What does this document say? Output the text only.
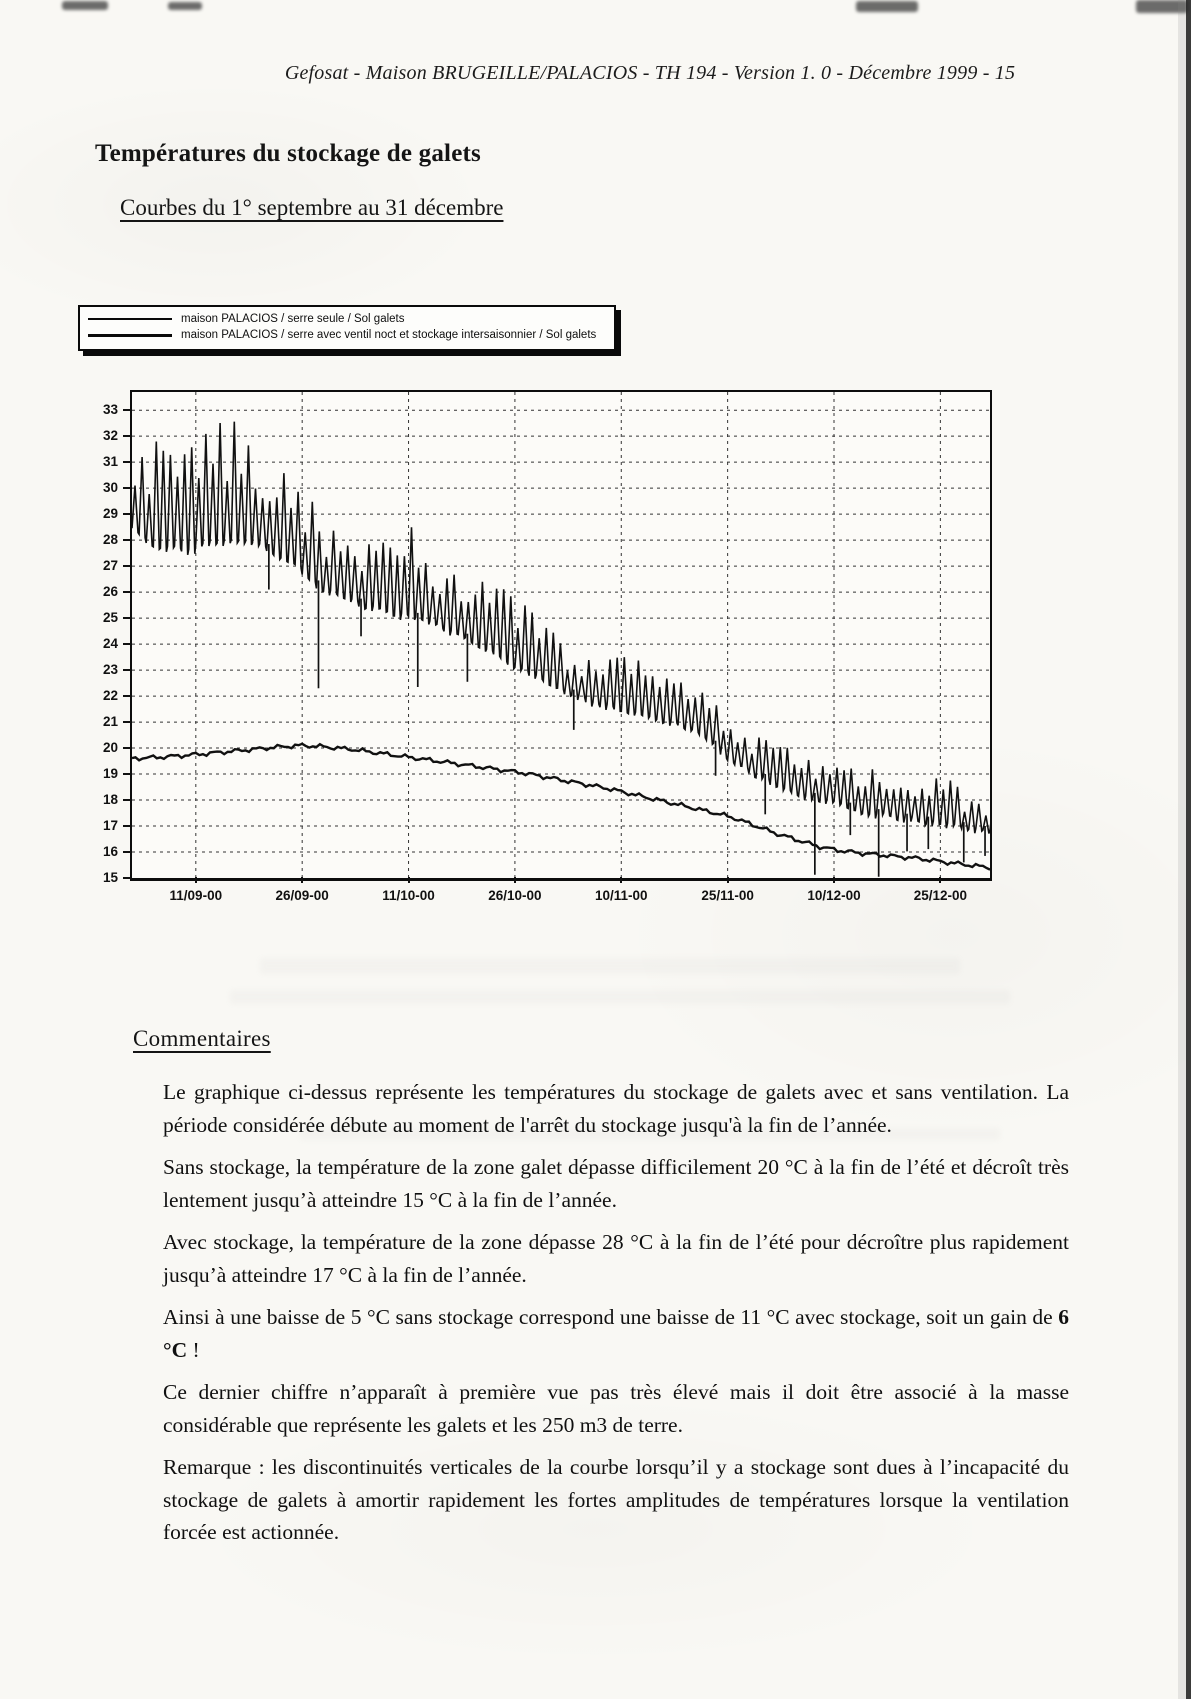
Gefosat - Maison BRUGEILLE/PALACIOS - TH 194 - Version 1. 0 - Décembre 1999 - 15
Températures du stockage de galets
Courbes du 1° septembre au 31 décembre
maison PALACIOS / serre seule / Sol galets
maison PALACIOS / serre avec ventil noct et stockage intersaisonnier / Sol galets
33
32
31
30
29
28
27
26
25
24
23
22
21
20
19
18
17
16
15
11/09-00	26/09-00	11/10-00	26/10-00	10/11-00	25/11-00	10/12-00	25/12-00
Commentaires

Le graphique ci-dessus représente les températures du stockage de galets avec et sans ventilation. La période considérée débute au moment de l'arrêt du stockage jusqu'à la fin de l’année.

Sans stockage, la température de la zone galet dépasse difficilement 20 °C à la fin de l’été et décroît très lentement jusqu’à atteindre 15 °C à la fin de l’année.

Avec stockage, la température de la zone dépasse 28 °C à la fin de l’été pour décroître plus rapidement jusqu’à atteindre 17 °C à la fin de l’année.

Ainsi à une baisse de 5 °C sans stockage correspond une baisse de 11 °C avec stockage, soit un gain de 6 °C !

Ce dernier chiffre n’apparaît à première vue pas très élevé mais il doit être associé à la masse considérable que représente les galets et les 250 m3 de terre.

Remarque : les discontinuités verticales de la courbe lorsqu’il y a stockage sont dues à l’incapacité du stockage de galets à amortir rapidement les fortes amplitudes de températures lorsque la ventilation forcée est actionnée.
